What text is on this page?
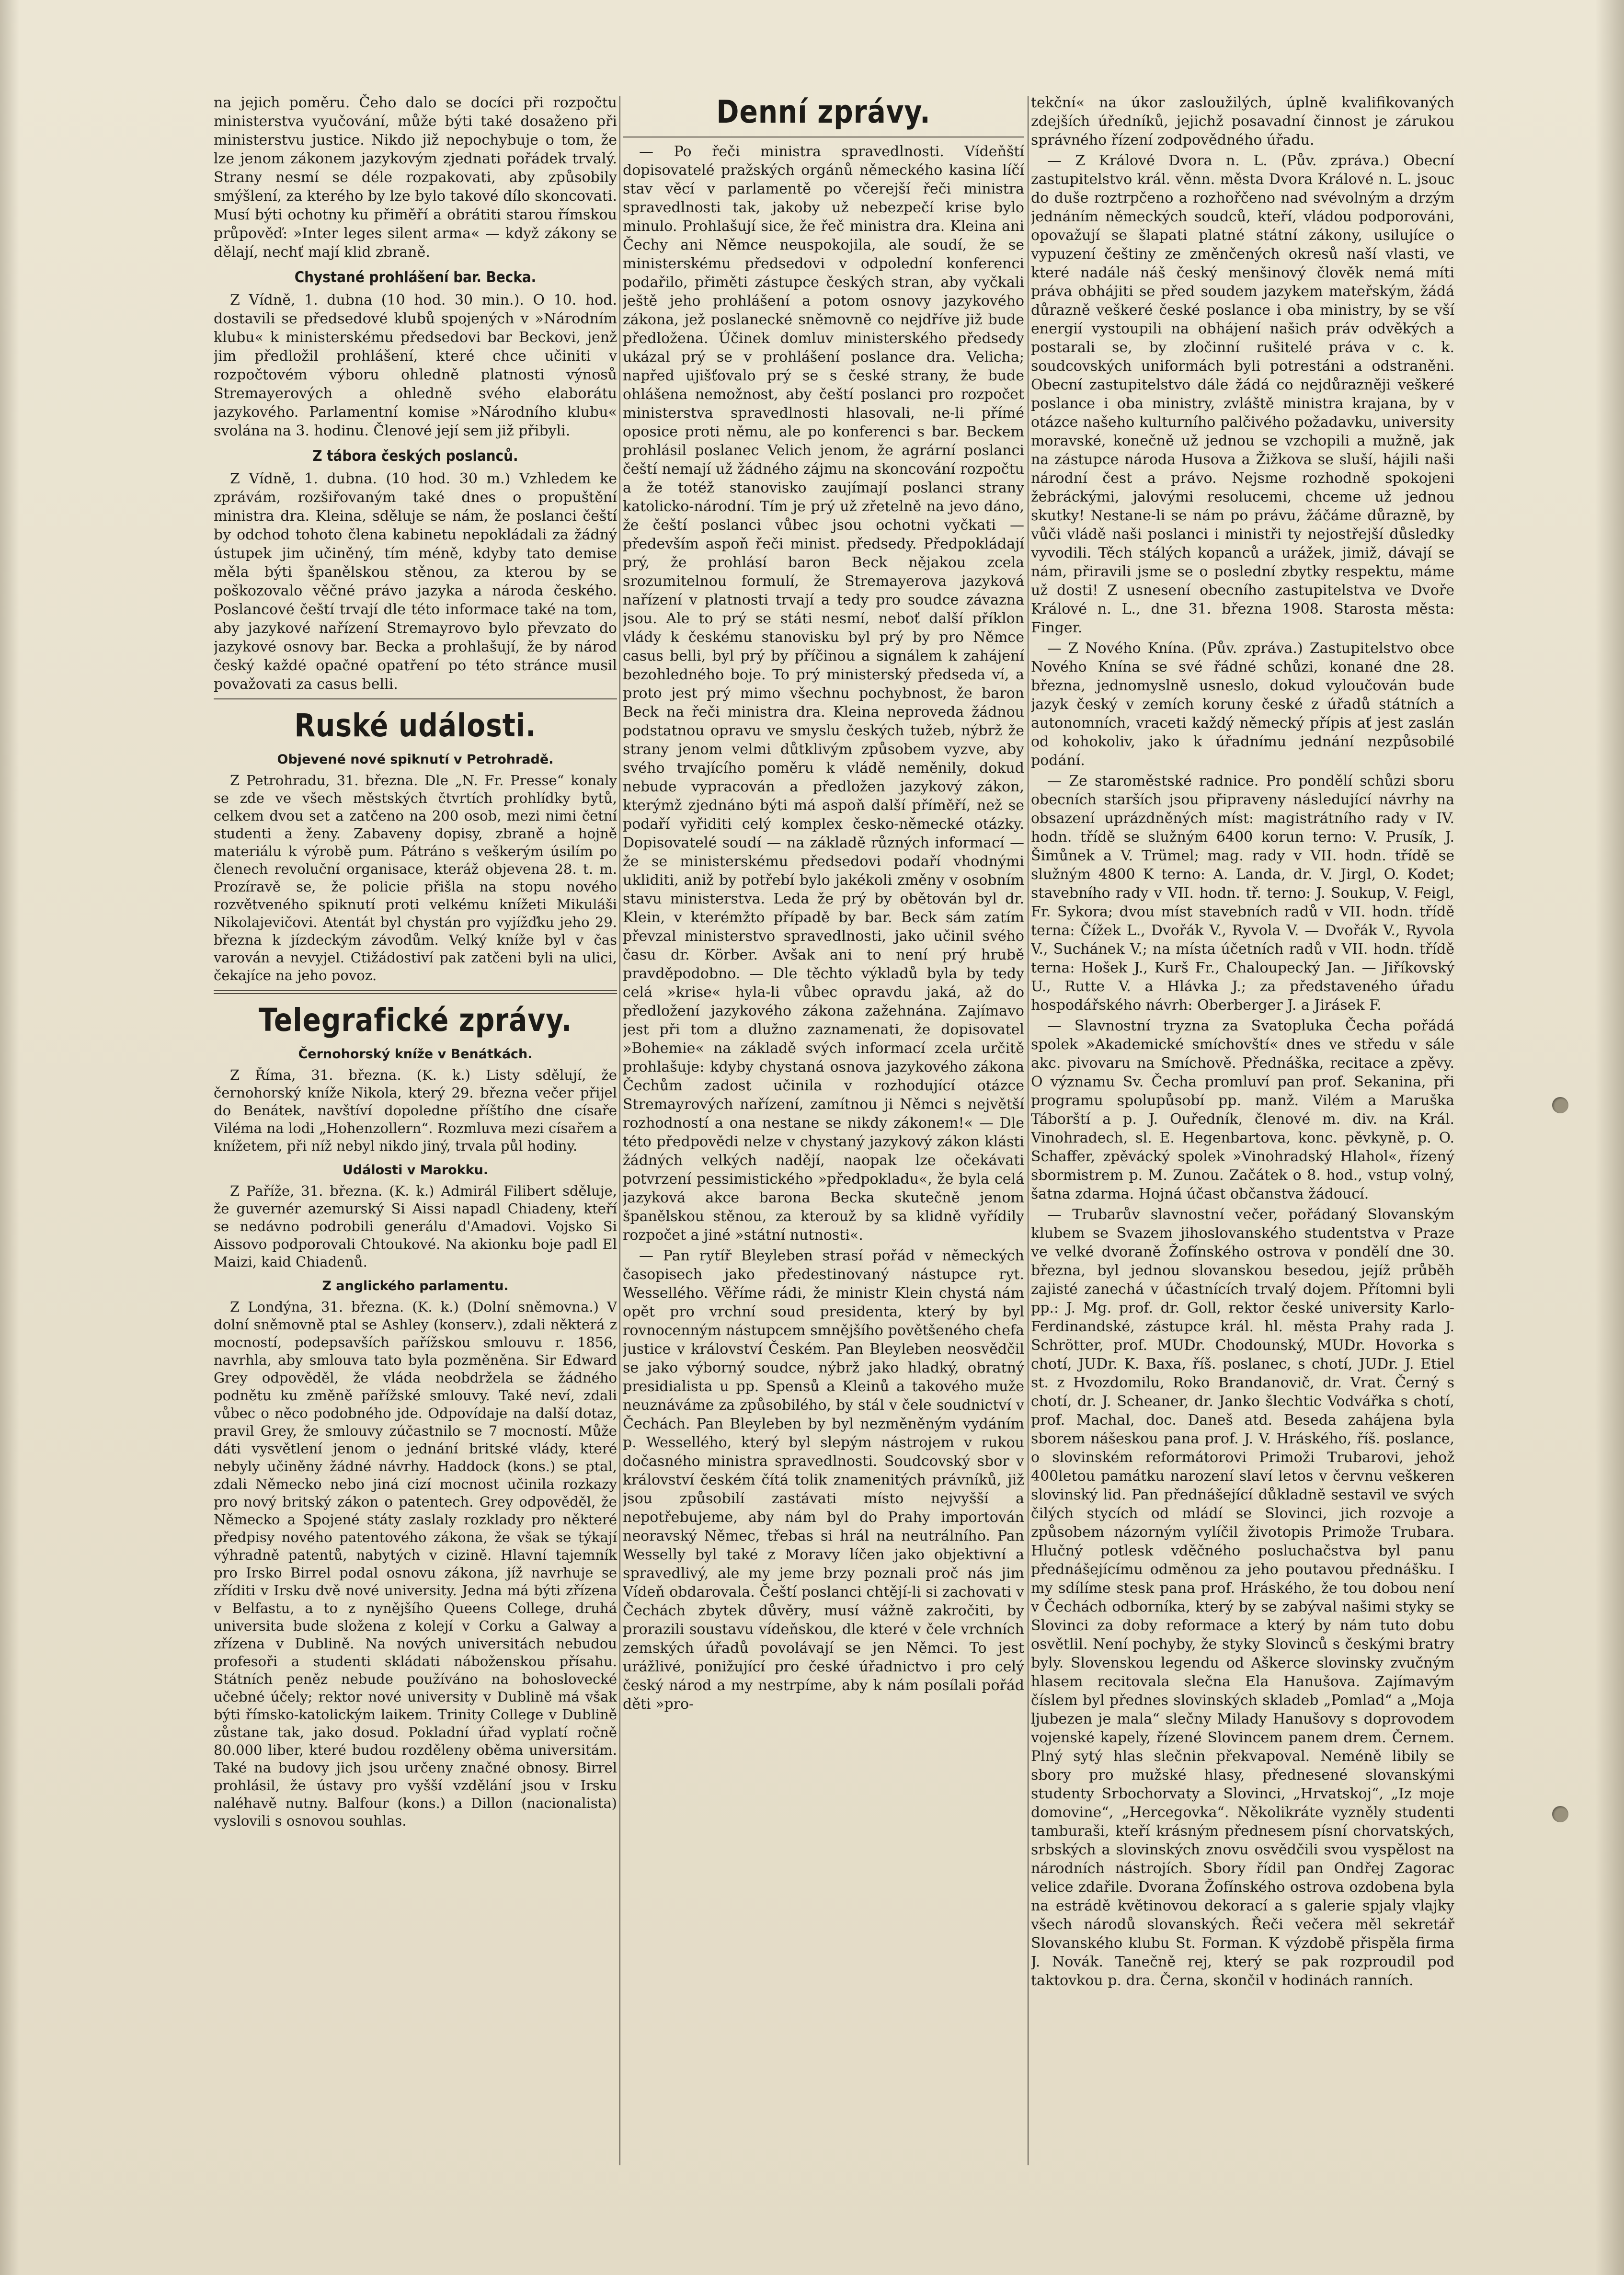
na jejich poměru. Čeho dalo se docíci při rozpočtu ministerstva vyučování, může býti také dosaženo při ministerstvu justice. Nikdo již nepochybuje o tom, že lze jenom zákonem jazykovým zjednati pořádek trvalý. Strany nesmí se déle rozpakovati, aby způsobily smýšlení, za kterého by lze bylo takové dílo skoncovati. Musí býti ochotny ku přiměří a obrátiti starou římskou průpověď: »Inter leges silent arma« — když zákony se dělají, nechť mají klid zbraně.

Chystané prohlášení bar. Becka.

Z Vídně, 1. dubna (10 hod. 30 min.). O 10. hod. dostavili se předsedové klubů spojených v »Národním klubu« k ministerskému předsedovi bar Beckovi, jenž jim předložil prohlášení, které chce učiniti v rozpočtovém výboru ohledně platnosti výnosů Stremayerových a ohledně svého elaborátu jazykového. Parlamentní komise »Národního klubu« svolána na 3. hodinu. Členové její sem již přibyli.

Z tábora českých poslanců.

Z Vídně, 1. dubna. (10 hod. 30 m.) Vzhledem ke zprávám, rozšiřovaným také dnes o propuštění ministra dra. Kleina, sděluje se nám, že poslanci čeští by odchod tohoto člena kabinetu nepokládali za žádný ústupek jim učiněný, tím méně, kdyby tato demise měla býti španělskou stěnou, za kterou by se poškozovalo věčné právo jazyka a národa českého. Poslancové čeští trvají dle této informace také na tom, aby jazykové nařízení Stremayrovo bylo převzato do jazykové osnovy bar. Becka a prohlašují, že by národ český každé opačné opatření po této stránce musil považovati za casus belli.

Ruské události.
Objevené nové spiknutí v Petrohradě.

Z Petrohradu, 31. března. Dle „N. Fr. Presse“ konaly se zde ve všech městských čtvrtích prohlídky bytů, celkem dvou set a zatčeno na 200 osob, mezi nimi četní studenti a ženy. Zabaveny dopisy, zbraně a hojně materiálu k výrobě pum. Pátráno s veškerým úsilím po členech revoluční organisace, kteráž objevena 28. t. m. Prozíravě se, že policie přišla na stopu nového rozvětveného spiknutí proti velkému knížeti Mikuláši Nikolajevičovi. Atentát byl chystán pro vyjížďku jeho 29. března k jízdeckým závodům. Velký kníže byl v čas varován a nevyjel. Ctižádostiví pak zatčeni byli na ulici, čekajíce na jeho povoz.

Telegrafické zprávy.
Černohorský kníže v Benátkách.

Z Říma, 31. března. (K. k.) Listy sdělují, že černohorský kníže Nikola, který 29. března večer přijel do Benátek, navštíví dopoledne příštího dne císaře Viléma na lodi „Hohenzollern“. Rozmluva mezi císařem a knížetem, při níž nebyl nikdo jiný, trvala půl hodiny.

Události v Marokku.

Z Paříže, 31. března. (K. k.) Admirál Filibert sděluje, že guvernér azemurský Si Aissi napadl Chiadeny, kteří se nedávno podrobili generálu d'Amadovi. Vojsko Si Aissovo podporovali Chtoukové. Na akionku boje padl El Maizi, kaid Chiadenů.

Z anglického parlamentu.

Z Londýna, 31. března. (K. k.) (Dolní sněmovna.) V dolní sněmovně ptal se Ashley (konserv.), zdali některá z mocností, podepsavších pařížskou smlouvu r. 1856, navrhla, aby smlouva tato byla pozměněna. Sir Edward Grey odpověděl, že vláda neobdržela se žádného podnětu ku změně pařížské smlouvy. Také neví, zdali vůbec o něco podobného jde. Odpovídaje na další dotaz, pravil Grey, že smlouvy zúčastnilo se 7 mocností. Může dáti vysvětlení jenom o jednání britské vlády, které nebyly učiněny žádné návrhy. Haddock (kons.) se ptal, zdali Německo nebo jiná cizí mocnost učinila rozkazy pro nový britský zákon o patentech. Grey odpověděl, že Německo a Spojené státy zaslaly rozklady pro některé předpisy nového patentového zákona, že však se týkají výhradně patentů, nabytých v cizině. Hlavní tajemník pro Irsko Birrel podal osnovu zákona, jíž navrhuje se zříditi v Irsku dvě nové university. Jedna má býti zřízena v Belfastu, a to z nynějšího Queens College, druhá universita bude složena z kolejí v Corku a Galway a zřízena v Dublině. Na nových universitách nebudou profesoři a studenti skládati náboženskou přísahu. Státních peněz nebude používáno na bohoslovecké učebné účely; rektor nové university v Dublině má však býti římsko-katolickým laikem. Trinity College v Dublině zůstane tak, jako dosud. Pokladní úřad vyplatí ročně 80.000 liber, které budou rozděleny oběma universitám. Také na budovy jich jsou určeny značné obnosy. Birrel prohlásil, že ústavy pro vyšší vzdělání jsou v Irsku naléhavě nutny. Balfour (kons.) a Dillon (nacionalista) vyslovili s osnovou souhlas.

Denní zprávy.

— Po řeči ministra spravedlnosti. Vídeňští dopisovatelé pražských orgánů německého kasina líčí stav věcí v parlamentě po včerejší řeči ministra spravedlnosti tak, jakoby už nebezpečí krise bylo minulo. Prohlašují sice, že řeč ministra dra. Kleina ani Čechy ani Němce neuspokojila, ale soudí, že se ministerskému předsedovi v odpolední konferenci podařilo, přiměti zástupce českých stran, aby vyčkali ještě jeho prohlášení a potom osnovy jazykového zákona, jež poslanecké sněmovně co nejdříve již bude předložena. Účinek domluv ministerského předsedy ukázal prý se v prohlášení poslance dra. Velicha; napřed ujišťovalo prý se s české strany, že bude ohlášena nemožnost, aby čeští poslanci pro rozpočet ministerstva spravedlnosti hlasovali, ne-li přímé oposice proti němu, ale po konferenci s bar. Beckem prohlásil poslanec Velich jenom, že agrární poslanci čeští nemají už žádného zájmu na skoncování rozpočtu a že totéž stanovisko zaujímají poslanci strany katolicko-národní. Tím je prý už zřetelně na jevo dáno, že čeští poslanci vůbec jsou ochotni vyčkati — především aspoň řeči minist. předsedy. Předpokládají prý, že prohlásí baron Beck nějakou zcela srozumitelnou formulí, že Stremayerova jazyková nařízení v platnosti trvají a tedy pro soudce závazna jsou. Ale to prý se státi nesmí, neboť další příklon vlády k českému stanovisku byl prý by pro Němce casus belli, byl prý by příčinou a signálem k zahájení bezohledného boje. To prý ministerský předseda ví, a proto jest prý mimo všechnu pochybnost, že baron Beck na řeči ministra dra. Kleina neproveda žádnou podstatnou opravu ve smyslu českých tužeb, nýbrž že strany jenom velmi důtklivým způsobem vyzve, aby svého trvajícího poměru k vládě neměnily, dokud nebude vypracován a předložen jazykový zákon, kterýmž zjednáno býti má aspoň další příměří, než se podaří vyřiditi celý komplex česko-německé otázky. Dopisovatelé soudí — na základě různých informací — že se ministerskému předsedovi podaří vhodnými ukliditi, aniž by potřebí bylo jakékoli změny v osobním stavu ministerstva. Leda že prý by obětován byl dr. Klein, v kterémžto případě by bar. Beck sám zatím převzal ministerstvo spravedlnosti, jako učinil svého času dr. Körber. Avšak ani to není prý hrubě pravděpodobno. — Dle těchto výkladů byla by tedy celá »krise« hyla-li vůbec opravdu jaká, až do předložení jazykového zákona zažehnána. Zajímavo jest při tom a dlužno zaznamenati, že dopisovatel »Bohemie« na základě svých informací zcela určitě prohlašuje: kdyby chystaná osnova jazykového zákona Čechům zadost učinila v rozhodující otázce Stremayrových nařízení, zamítnou ji Němci s největší rozhodností a ona nestane se nikdy zákonem!« — Dle této předpovědi nelze v chystaný jazykový zákon klásti žádných velkých nadějí, naopak lze očekávati potvrzení pessimistického »předpokladu«, že byla celá jazyková akce barona Becka skutečně jenom španělskou stěnou, za kterouž by sa klidně vyřídily rozpočet a jiné »státní nutnosti«.

— Pan rytíř Bleyleben strasí pořád v německých časopisech jako předestinovaný nástupce ryt. Wessellého. Věříme rádi, že ministr Klein chystá nám opět pro vrchní soud presidenta, který by byl rovnocenným nástupcem smnějšího povětšeného chefa justice v království Českém. Pan Bleyleben neosvědčil se jako výborný soudce, nýbrž jako hladký, obratný presidialista u pp. Spensů a Kleinů a takového muže neuznáváme za způsobilého, by stál v čele soudnictví v Čechách. Pan Bleyleben by byl nezměněným vydáním p. Wessellého, který byl slepým nástrojem v rukou dočasného ministra spravedlnosti. Soudcovský sbor v království českém čítá tolik znamenitých právníků, již jsou způsobilí zastávati místo nejvyšší a nepotřebujeme, aby nám byl do Prahy importován neoravský Němec, třebas si hrál na neutrálního. Pan Wesselly byl také z Moravy líčen jako objektivní a spravedlivý, ale my jeme brzy poznali proč nás jim Vídeň obdarovala. Čeští poslanci chtějí-li si zachovati v Čechách zbytek důvěry, musí vážně zakročiti, by prorazili soustavu vídeňskou, dle které v čele vrchních zemských úřadů povolávají se jen Němci. To jest urážlivé, ponižující pro české úřadnictvo i pro celý český národ a my nestrpíme, aby k nám posílali pořád děti »pro-

tekční« na úkor zasloužilých, úplně kvalifikovaných zdejších úředníků, jejichž posavadní činnost je zárukou správného řízení zodpovědného úřadu.

— Z Králové Dvora n. L. (Pův. zpráva.) Obecní zastupitelstvo král. věnn. města Dvora Králové n. L. jsouc do duše roztrpčeno a rozhořčeno nad svévolným a drzým jednáním německých soudců, kteří, vládou podporováni, opovažují se šlapati platné státní zákony, usilujíce o vypuzení češtiny ze změnčených okresů naší vlasti, ve které nadále náš český menšinový člověk nemá míti práva obhájiti se před soudem jazykem mateřským, žádá důrazně veškeré české poslance i oba ministry, by se vší energií vystoupili na obhájení našich práv odvěkých a postarali se, by zločinní rušitelé práva v c. k. soudcovských uniformách byli potrestáni a odstraněni. Obecní zastupitelstvo dále žádá co nejdůrazněji veškeré poslance i oba ministry, zvláště ministra krajana, by v otázce našeho kulturního palčivého požadavku, university moravské, konečně už jednou se vzchopili a mužně, jak na zástupce národa Husova a Žižkova se sluší, hájili naši národní čest a právo. Nejsme rozhodně spokojeni žebráckými, jalovými resolucemi, chceme už jednou skutky! Nestane-li se nám po právu, žáčáme důrazně, by vůči vládě naši poslanci i ministři ty nejostřejší důsledky vyvodili. Těch stálých kopanců a urážek, jimiž, dávají se nám, přiravili jsme se o poslední zbytky respektu, máme už dosti! Z usnesení obecního zastupitelstva ve Dvoře Králové n. L., dne 31. března 1908. Starosta města: Finger.

— Z Nového Knína. (Pův. zpráva.) Zastupitelstvo obce Nového Knína se své řádné schůzi, konané dne 28. března, jednomyslně usneslo, dokud vyloučován bude jazyk český v zemích koruny české z úřadů státních a autonomních, vraceti každý německý přípis ať jest zaslán od kohokoliv, jako k úřadnímu jednání nezpůsobilé podání.

— Ze staroměstské radnice. Pro pondělí schůzi sboru obecních starších jsou připraveny následující návrhy na obsazení uprázdněných míst: magistrátního rady v IV. hodn. třídě se služným 6400 korun terno: V. Prusík, J. Šimůnek a V. Trümel; mag. rady v VII. hodn. třídě se služným 4800 K terno: A. Landa, dr. V. Jirgl, O. Kodet; stavebního rady v VII. hodn. tř. terno: J. Soukup, V. Feigl, Fr. Sykora; dvou míst stavebních radů v VII. hodn. třídě terna: Čížek L., Dvořák V., Ryvola V. — Dvořák V., Ryvola V., Suchánek V.; na místa účetních radů v VII. hodn. třídě terna: Hošek J., Kurš Fr., Chaloupecký Jan. — Jiříkovský U., Rutte V. a Hlávka J.; za představeného úřadu hospodářského návrh: Oberberger J. a Jirásek F.

— Slavnostní tryzna za Svatopluka Čecha pořádá spolek »Akademické smíchovští« dnes ve středu v sále akc. pivovaru na Smíchově. Přednáška, recitace a zpěvy. O významu Sv. Čecha promluví pan prof. Sekanina, při programu spolupůsobí pp. manž. Vilém a Maruška Táborští a p. J. Ouředník, členové m. div. na Král. Vinohradech, sl. E. Hegenbartova, konc. pěvkyně, p. O. Schaffer, zpěvácký spolek »Vinohradský Hlahol«, řízený sbormistrem p. M. Zunou. Začátek o 8. hod., vstup volný, šatna zdarma. Hojná účast občanstva žádoucí.

— Trubarův slavnostní večer, pořádaný Slovanským klubem se Svazem jihoslovanského studentstva v Praze ve velké dvoraně Žofínského ostrova v pondělí dne 30. března, byl jednou slovanskou besedou, jejíž průběh zajisté zanechá v účastnících trvalý dojem. Přítomni byli pp.: J. Mg. prof. dr. Goll, rektor české university Karlo-Ferdinandské, zástupce král. hl. města Prahy rada J. Schrötter, prof. MUDr. Chodounský, MUDr. Hovorka s chotí, JUDr. K. Baxa, říš. poslanec, s chotí, JUDr. J. Etiel st. z Hvozdomilu, Roko Brandanovič, dr. Vrat. Černý s chotí, dr. J. Scheaner, dr. Janko šlechtic Vodvářka s chotí, prof. Machal, doc. Daneš atd. Beseda zahájena byla sborem nášeskou pana prof. J. V. Hráského, říš. poslance, o slovinském reformátorovi Primoži Trubarovi, jehož 400letou památku narození slaví letos v červnu veškeren slovinský lid. Pan přednášející důkladně sestavil ve svých čilých stycích od mládí se Slovinci, jich rozvoje a způsobem názorným vylíčil životopis Primože Trubara. Hlučný potlesk vděčného posluchačstva byl panu přednášejícímu odměnou za jeho poutavou přednášku. I my sdílíme stesk pana prof. Hráského, že tou dobou není v Čechách odborníka, který by se zabýval našimi styky se Slovinci za doby reformace a který by nám tuto dobu osvětlil. Není pochyby, že styky Slovinců s českými bratry byly. Slovenskou legendu od Aškerce slovinsky zvučným hlasem recitovala slečna Ela Hanušova. Zajímavým číslem byl přednes slovinských skladeb „Pomlad“ a „Moja ljubezen je mala“ slečny Milady Hanušovy s doprovodem vojenské kapely, řízené Slovincem panem drem. Černem. Plný sytý hlas slečnin překvapoval. Neméně libily se sbory pro mužské hlasy, přednesené slovanskými studenty Srbochorvaty a Slovinci, „Hrvatskoj“, „Iz moje domovine“, „Hercegovka“. Několikráte vyzněly studenti tamburaši, kteří krásným přednesem písní chorvatských, srbských a slovinských znovu osvědčili svou vyspělost na národních nástrojích. Sbory řídil pan Ondřej Zagorac velice zdařile. Dvorana Žofínského ostrova ozdobena byla na estrádě květinovou dekorací a s galerie spjaly vlajky všech národů slovanských. Řeči večera měl sekretář Slovanského klubu St. Forman. K výzdobě přispěla firma J. Novák. Tanečně rej, který se pak rozproudil pod taktovkou p. dra. Černa, skončil v hodinách ranních.
